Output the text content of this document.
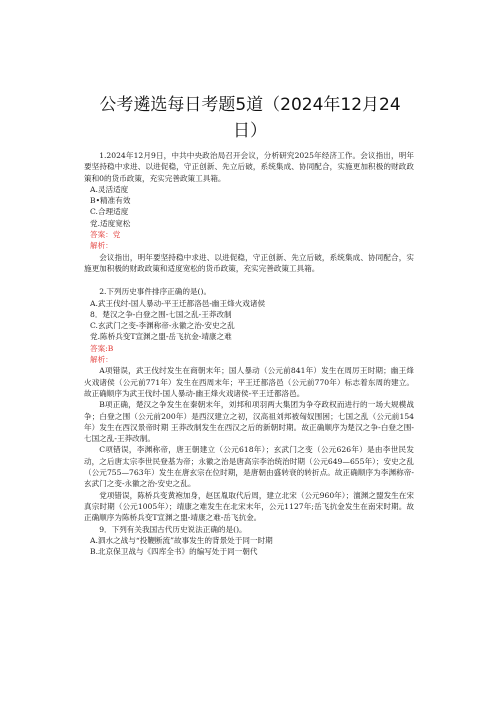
公考遴选每日考题5道（2024年12月24
日）

1.2024年12月9日，中共中央政治局召开会议，分析研究2025年经济工作。会议指出，明年要坚持稳中求进、以进促稳，守正创新、先立后破，系统集成、协同配合，实施更加积极的财政政策和0的货币政策，充实完善政策工具箱。

A.灵活适度

B•精准有效

C.合理适度

党.适度宽松

答案：党

解析：

会议指出，明年要坚持稳中求进、以进促稳，守正创新、先立后破，系统集成、协同配合，实施更加积极的财政政策和适度宽松的货币政策，充实完善政策工具箱。

2.下列历史事件排序正确的是()。

A.武王伐纣-国人暴动-平王迁都洛邑-幽王烽火戏诸侯

8．楚汉之争-白登之围-七国之乱-王莽改制

C.玄武门之变-李渊称帝-永徽之治-安史之乱

党.陈桥兵变T宣渊之盟-岳飞抗金-靖康之难

答案:B

解析：

A项错误，武王伐纣发生在商朝末年；国人暴动（公元前841年）发生在周厉王时期；幽王烽火戏诸侯（公元前771年）发生在西周末年；平王迁都洛邑（公元前770年）标志着东周的建立。故正确顺序为武王伐纣-国人暴动-幽王烽火戏诸侯-平王迁都洛邑。

B项正确，楚汉之争发生在秦朝末年，刘邦和项羽两大集团为争夺政权而进行的一场大规模战争；白登之围（公元前200年）是西汉建立之初，汉高祖刘邦被匈奴围困；七国之乱（公元前154年）发生在西汉景帝时期 王莽改制发生在西汉之后的新朝时期。故正确顺序为楚汉之争-白登之围-七国之乱-王莽改制。

C项错误，李渊称帝，唐王朝建立（公元618年）；玄武门之变（公元626年）是由李世民发动，之后唐太宗李世民登基为帝；永徽之治是唐高宗李治统治时期（公元649—655年）；安史之乱（公元755—763年）发生在唐玄宗在位时期，是唐朝由盛转衰的转折点。故正确顺序为李渊称帝-玄武门之变-永徽之治-安史之乱。

党项错误，陈桥兵变黄袍加身，赵匡胤取代后周，建立北宋（公元960年）；澶渊之盟发生在宋真宗时期（公元1005年）；靖康之难发生在北宋末年，公元1127年;岳飞抗金发生在南宋时期。故正确顺序为陈桥兵变T宣渊之盟-靖康之难-岳飞抗金。

9．下列有关我国古代历史说法正确的是()。

A.泗水之战与“投鞭断流”故事发生的背景处于同一时期

B.北京保卫战与《四库全书》的编写处于同一朝代
